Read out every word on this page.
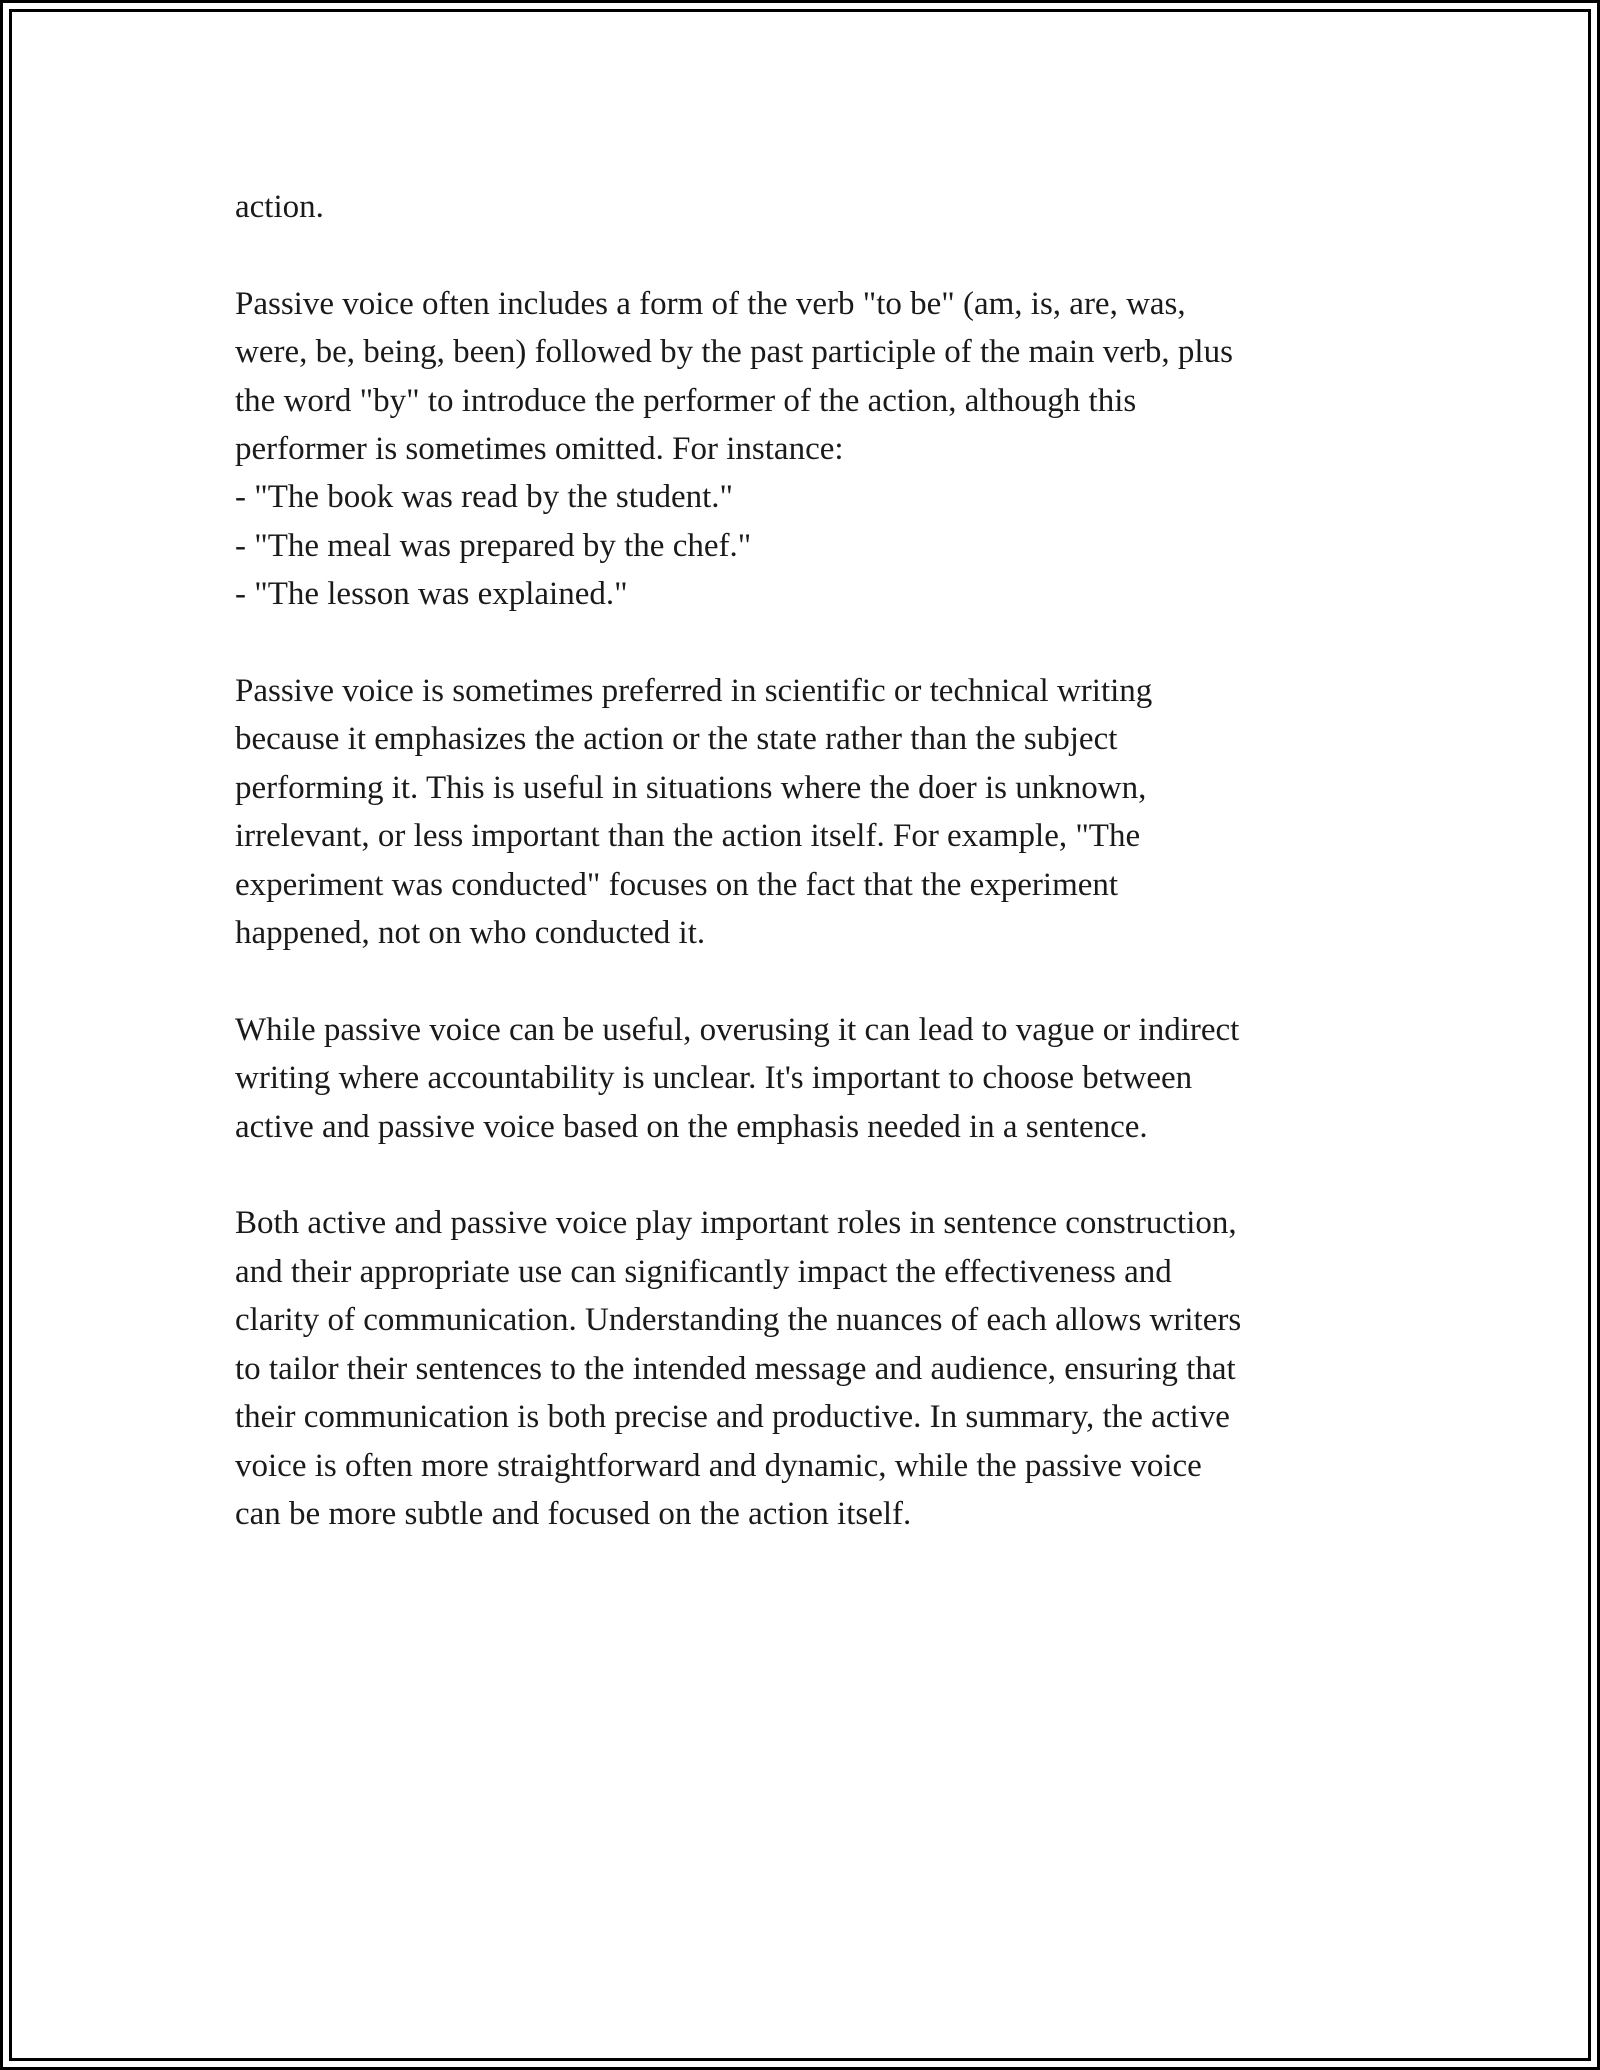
action.

Passive voice often includes a form of the verb "to be" (am, is, are, was,
were, be, being, been) followed by the past participle of the main verb, plus
the word "by" to introduce the performer of the action, although this
performer is sometimes omitted. For instance:
- "The book was read by the student."
- "The meal was prepared by the chef."
- "The lesson was explained."

Passive voice is sometimes preferred in scientific or technical writing
because it emphasizes the action or the state rather than the subject
performing it. This is useful in situations where the doer is unknown,
irrelevant, or less important than the action itself. For example, "The
experiment was conducted" focuses on the fact that the experiment
happened, not on who conducted it.

While passive voice can be useful, overusing it can lead to vague or indirect
writing where accountability is unclear. It's important to choose between
active and passive voice based on the emphasis needed in a sentence.

Both active and passive voice play important roles in sentence construction,
and their appropriate use can significantly impact the effectiveness and
clarity of communication. Understanding the nuances of each allows writers
to tailor their sentences to the intended message and audience, ensuring that
their communication is both precise and productive. In summary, the active
voice is often more straightforward and dynamic, while the passive voice
can be more subtle and focused on the action itself.
